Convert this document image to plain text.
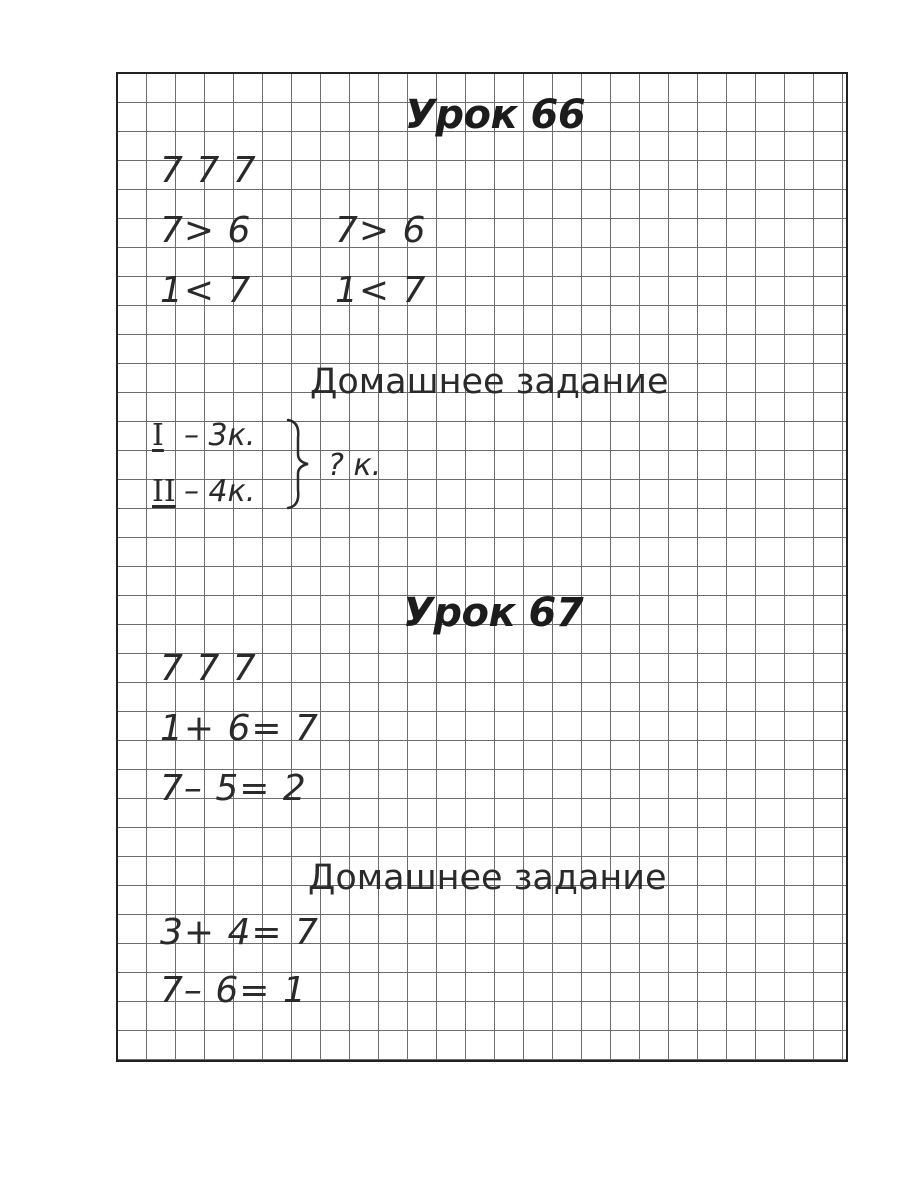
Урок 66
7 7 7
7> 6 7> 6
1< 7 1< 7
Домашнее задание
I – 3к.
II – 4к.
? к.
Урок 67
7 7 7
1+ 6= 7
7– 5= 2
Домашнее задание
3+ 4= 7
7– 6= 1
